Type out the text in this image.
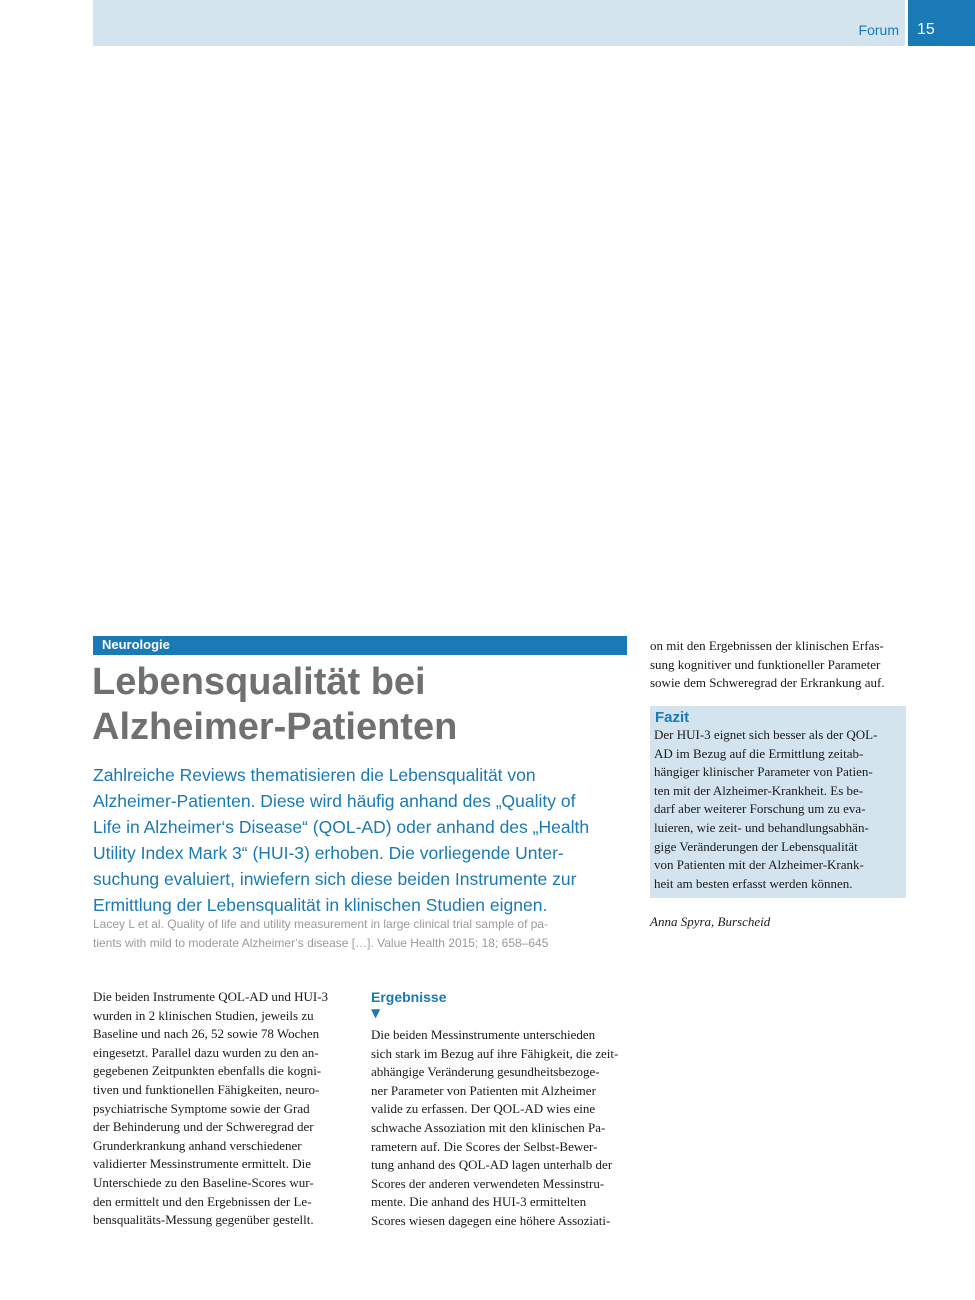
Forum 15
Neurologie
Lebensqualität bei
Alzheimer-Patienten

Zahlreiche Reviews thematisieren die Lebensqualität von
Alzheimer-Patienten. Diese wird häufig anhand des „Quality of
Life in Alzheimer‘s Disease“ (QOL-AD) oder anhand des „Health
Utility Index Mark 3“ (HUI-3) erhoben. Die vorliegende Unter-
suchung evaluiert, inwiefern sich diese beiden Instrumente zur
Ermittlung der Lebensqualität in klinischen Studien eignen.

Lacey L et al. Quality of life and utility measurement in large clinical trial sample of pa-
tients with mild to moderate Alzheimer‘s disease […]. Value Health 2015; 18; 658–645

on mit den Ergebnissen der klinischen Erfas-
sung kognitiver und funktioneller Parameter
sowie dem Schweregrad der Erkrankung auf.
Fazit
Der HUI-3 eignet sich besser als der QOL-
AD im Bezug auf die Ermittlung zeitab-
hängiger klinischer Parameter von Patien-
ten mit der Alzheimer-Krankheit. Es be-
darf aber weiterer Forschung um zu eva-
luieren, wie zeit- und behandlungsabhän-
gige Veränderungen der Lebensqualität
von Patienten mit der Alzheimer-Krank-
heit am besten erfasst werden können.
Anna Spyra, Burscheid
Die beiden Instrumente QOL-AD und HUI-3
wurden in 2 klinischen Studien, jeweils zu
Baseline und nach 26, 52 sowie 78 Wochen
eingesetzt. Parallel dazu wurden zu den an-
gegebenen Zeitpunkten ebenfalls die kogni-
tiven und funktionellen Fähigkeiten, neuro-
psychiatrische Symptome sowie der Grad
der Behinderung und der Schweregrad der
Grunderkrankung anhand verschiedener
validierter Messinstrumente ermittelt. Die
Unterschiede zu den Baseline-Scores wur-
den ermittelt und den Ergebnissen der Le-
bensqualitäts-Messung gegenüber gestellt.
Ergebnisse
▼
Die beiden Messinstrumente unterschieden
sich stark im Bezug auf ihre Fähigkeit, die zeit-
abhängige Veränderung gesundheitsbezoge-
ner Parameter von Patienten mit Alzheimer
valide zu erfassen. Der QOL-AD wies eine
schwache Assoziation mit den klinischen Pa-
rametern auf. Die Scores der Selbst-Bewer-
tung anhand des QOL-AD lagen unterhalb der
Scores der anderen verwendeten Messinstru-
mente. Die anhand des HUI-3 ermittelten
Scores wiesen dagegen eine höhere Assoziati-
